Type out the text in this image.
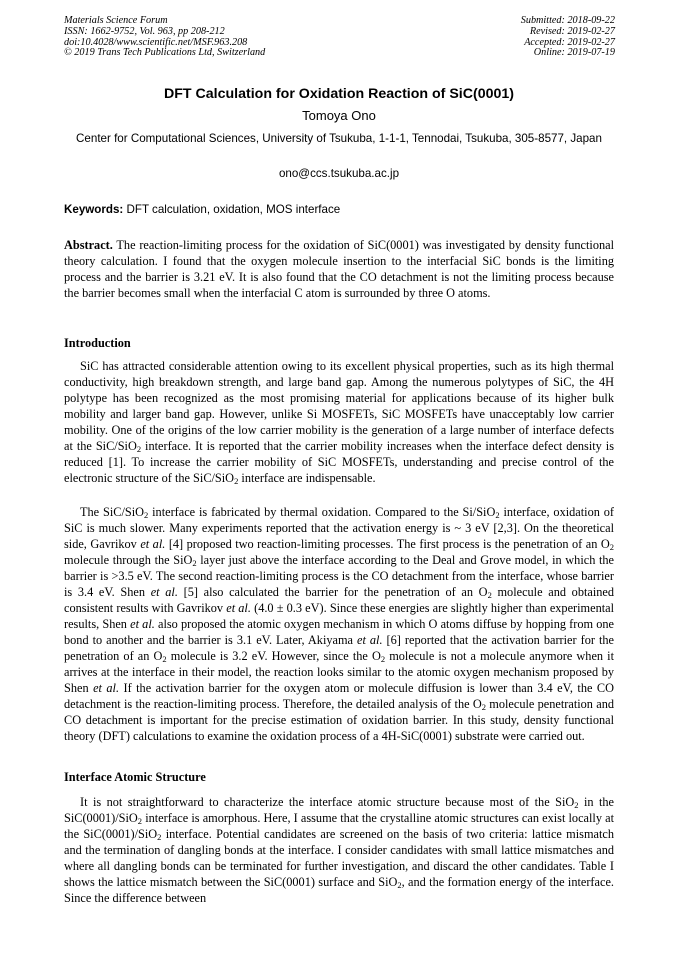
Materials Science Forum
ISSN: 1662-9752, Vol. 963, pp 208-212
doi:10.4028/www.scientific.net/MSF.963.208
© 2019 Trans Tech Publications Ltd, Switzerland
Submitted: 2018-09-22
Revised: 2019-02-27
Accepted: 2019-02-27
Online: 2019-07-19
DFT Calculation for Oxidation Reaction of SiC(0001)
Tomoya Ono
Center for Computational Sciences, University of Tsukuba, 1-1-1, Tennodai, Tsukuba, 305-8577, Japan
ono@ccs.tsukuba.ac.jp
Keywords: DFT calculation, oxidation, MOS interface

Abstract. The reaction-limiting process for the oxidation of SiC(0001) was investigated by density functional theory calculation. I found that the oxygen molecule insertion to the interfacial SiC bonds is the limiting process and the barrier is 3.21 eV. It is also found that the CO detachment is not the limiting process because the barrier becomes small when the interfacial C atom is surrounded by three O atoms.

Introduction

SiC has attracted considerable attention owing to its excellent physical properties, such as its high thermal conductivity, high breakdown strength, and large band gap. Among the numerous polytypes of SiC, the 4H polytype has been recognized as the most promising material for applications because of its higher bulk mobility and larger band gap. However, unlike Si MOSFETs, SiC MOSFETs have unacceptably low carrier mobility. One of the origins of the low carrier mobility is the generation of a large number of interface defects at the SiC/SiO$_2$ interface. It is reported that the carrier mobility increases when the interface defect density is reduced [1]. To increase the carrier mobility of SiC MOSFETs, understanding and precise control of the electronic structure of the SiC/SiO$_2$ interface are indispensable.

The SiC/SiO$_2$ interface is fabricated by thermal oxidation. Compared to the Si/SiO$_2$ interface, oxidation of SiC is much slower. Many experiments reported that the activation energy is ~ 3 eV [2,3]. On the theoretical side, Gavrikov et al. [4] proposed two reaction-limiting processes. The first process is the penetration of an $O_2$ molecule through the SiO$_2$ layer just above the interface according to the Deal and Grove model, in which the barrier is >3.5 eV. The second reaction-limiting process is the CO detachment from the interface, whose barrier is 3.4 eV. Shen et al. [5] also calculated the barrier for the penetration of an $O_2$ molecule and obtained consistent results with Gavrikov et al. (4.0 ± 0.3 eV). Since these energies are slightly higher than experimental results, Shen et al. also proposed the atomic oxygen mechanism in which O atoms diffuse by hopping from one bond to another and the barrier is 3.1 eV. Later, Akiyama et al. [6] reported that the activation barrier for the penetration of an $O_2$ molecule is 3.2 eV. However, since the $O_2$ molecule is not a molecule anymore when it arrives at the interface in their model, the reaction looks similar to the atomic oxygen mechanism proposed by Shen et al. If the activation barrier for the oxygen atom or molecule diffusion is lower than 3.4 eV, the CO detachment is the reaction-limiting process. Therefore, the detailed analysis of the $O_2$ molecule penetration and CO detachment is important for the precise estimation of oxidation barrier. In this study, density functional theory (DFT) calculations to examine the oxidation process of a 4H-SiC(0001) substrate were carried out.

Interface Atomic Structure

It is not straightforward to characterize the interface atomic structure because most of the SiO$_2$ in the SiC(0001)/SiO$_2$ interface is amorphous. Here, I assume that the crystalline atomic structures can exist locally at the SiC(0001)/SiO$_2$ interface. Potential candidates are screened on the basis of two criteria: lattice mismatch and the termination of dangling bonds at the interface. I consider candidates with small lattice mismatches and where all dangling bonds can be terminated for further investigation, and discard the other candidates. Table I shows the lattice mismatch between the SiC(0001) surface and SiO$_2$, and the formation energy of the interface. Since the difference between
